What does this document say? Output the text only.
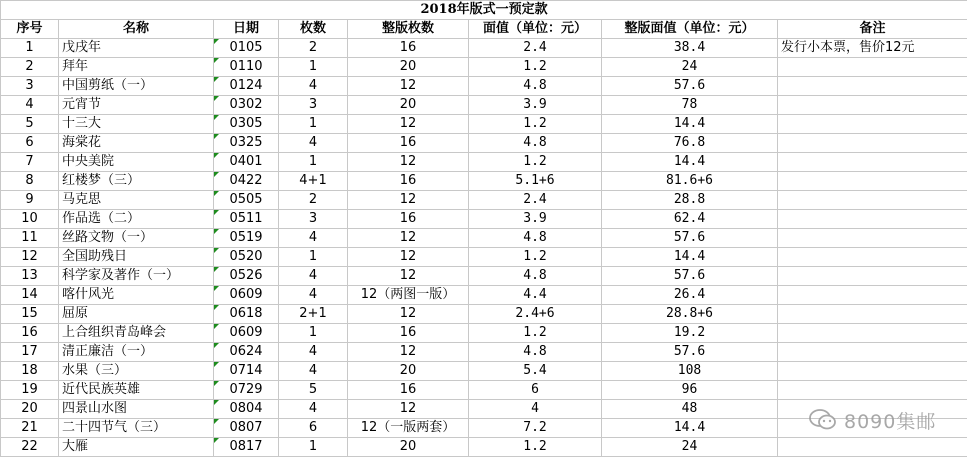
2018年版式一预定款							
序号	名称	日期	枚数	整版枚数	面值（单位：元）	整版面值（单位：元）	备注
1	戊戌年	0105	2	16	2.4	38.4	发行小本票，售价12元
2	拜年	0110	1	20	1.2	24	
3	中国剪纸（一）	0124	4	12	4.8	57.6	
4	元宵节	0302	3	20	3.9	78	
5	十三大	0305	1	12	1.2	14.4	
6	海棠花	0325	4	16	4.8	76.8	
7	中央美院	0401	1	12	1.2	14.4	
8	红楼梦（三）	0422	4+1	16	5.1+6	81.6+6	
9	马克思	0505	2	12	2.4	28.8	
10	作品选（二）	0511	3	16	3.9	62.4	
11	丝路文物（一）	0519	4	12	4.8	57.6	
12	全国助残日	0520	1	12	1.2	14.4	
13	科学家及著作（一）	0526	4	12	4.8	57.6	
14	喀什风光	0609	4	12（两图一版）	4.4	26.4	
15	屈原	0618	2+1	12	2.4+6	28.8+6	
16	上合组织青岛峰会	0609	1	16	1.2	19.2	
17	清正廉洁（一）	0624	4	12	4.8	57.6	
18	水果（三）	0714	4	20	5.4	108	
19	近代民族英雄	0729	5	16	6	96	
20	四景山水图	0804	4	12	4	48	
21	二十四节气（三）	0807	6	12（一版两套）	7.2	14.4	
22	大雁	0817	1	20	1.2	24	
8090集邮
